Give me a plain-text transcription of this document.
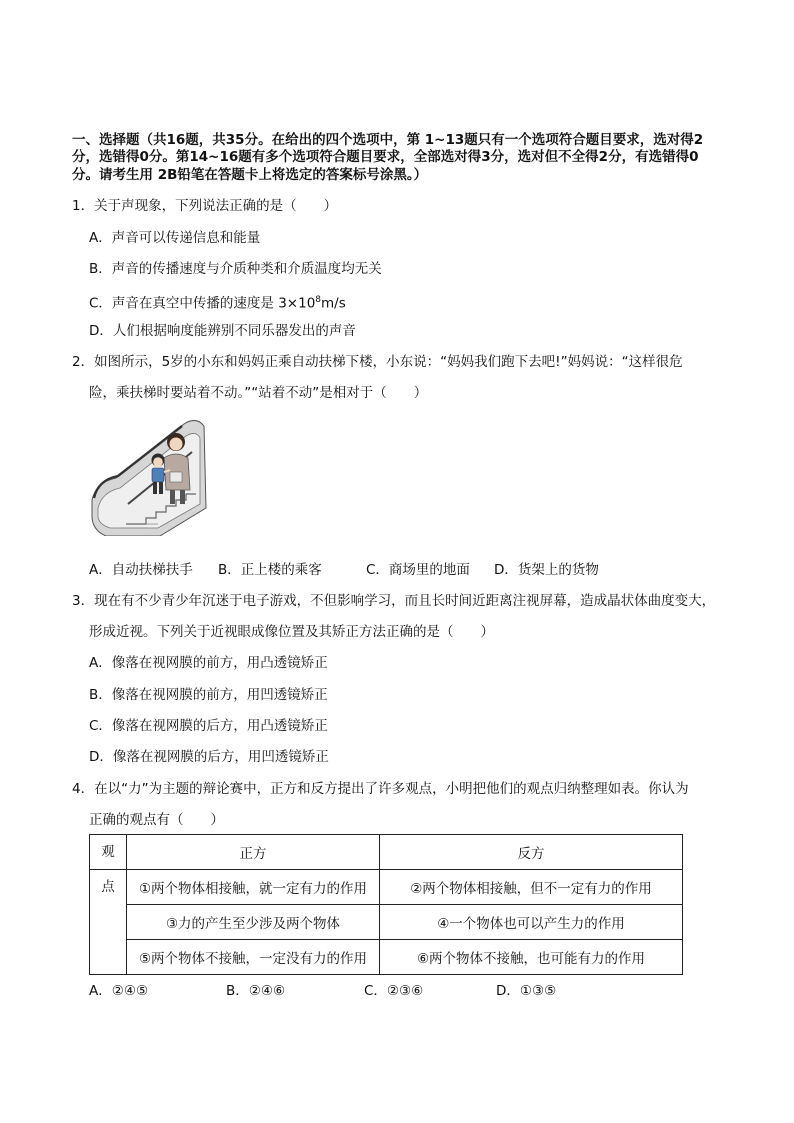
一、选择题（共16题，共35分。在给出的四个选项中，第 1~13题只有一个选项符合题目要求，选对得2
分，选错得0分。第14~16题有多个选项符合题目要求，全部选对得3分，选对但不全得2分，有选错得0
分。请考生用 2B铅笔在答题卡上将选定的答案标号涂黑。）
1．关于声现象，下列说法正确的是（　　）
A．声音可以传递信息和能量
B．声音的传播速度与介质种类和介质温度均无关
C．声音在真空中传播的速度是 $3\times 10^8m/s$
D．人们根据响度能辨别不同乐器发出的声音
2．如图所示，5岁的小东和妈妈正乘自动扶梯下楼，小东说：“妈妈我们跑下去吧!”妈妈说：“这样很危
险，乘扶梯时要站着不动。”“站着不动”是相对于（　　）
A．自动扶梯扶手 B．正上楼的乘客	C．商场里的地面 D．货架上的货物
3．现在有不少青少年沉迷于电子游戏，不但影响学习，而且长时间近距离注视屏幕，造成晶状体曲度变大，
形成近视。下列关于近视眼成像位置及其矫正方法正确的是（　　）
A．像落在视网膜的前方，用凸透镜矫正
B．像落在视网膜的前方，用凹透镜矫正
C．像落在视网膜的后方，用凸透镜矫正
D．像落在视网膜的后方，用凹透镜矫正
4．在以“力”为主题的辩论赛中，正方和反方提出了许多观点，小明把他们的观点归纳整理如表。你认为
正确的观点有（　　）
观	正方	反方
点	①两个物体相接触，就一定有力的作用	②两个物体相接触，但不一定有力的作用
	③力的产生至少涉及两个物体	④一个物体也可以产生力的作用
	⑤两个物体不接触，一定没有力的作用	⑥两个物体不接触，也可能有力的作用
A．②④⑤	B．②④⑥	C．②③⑥	D．①③⑤
